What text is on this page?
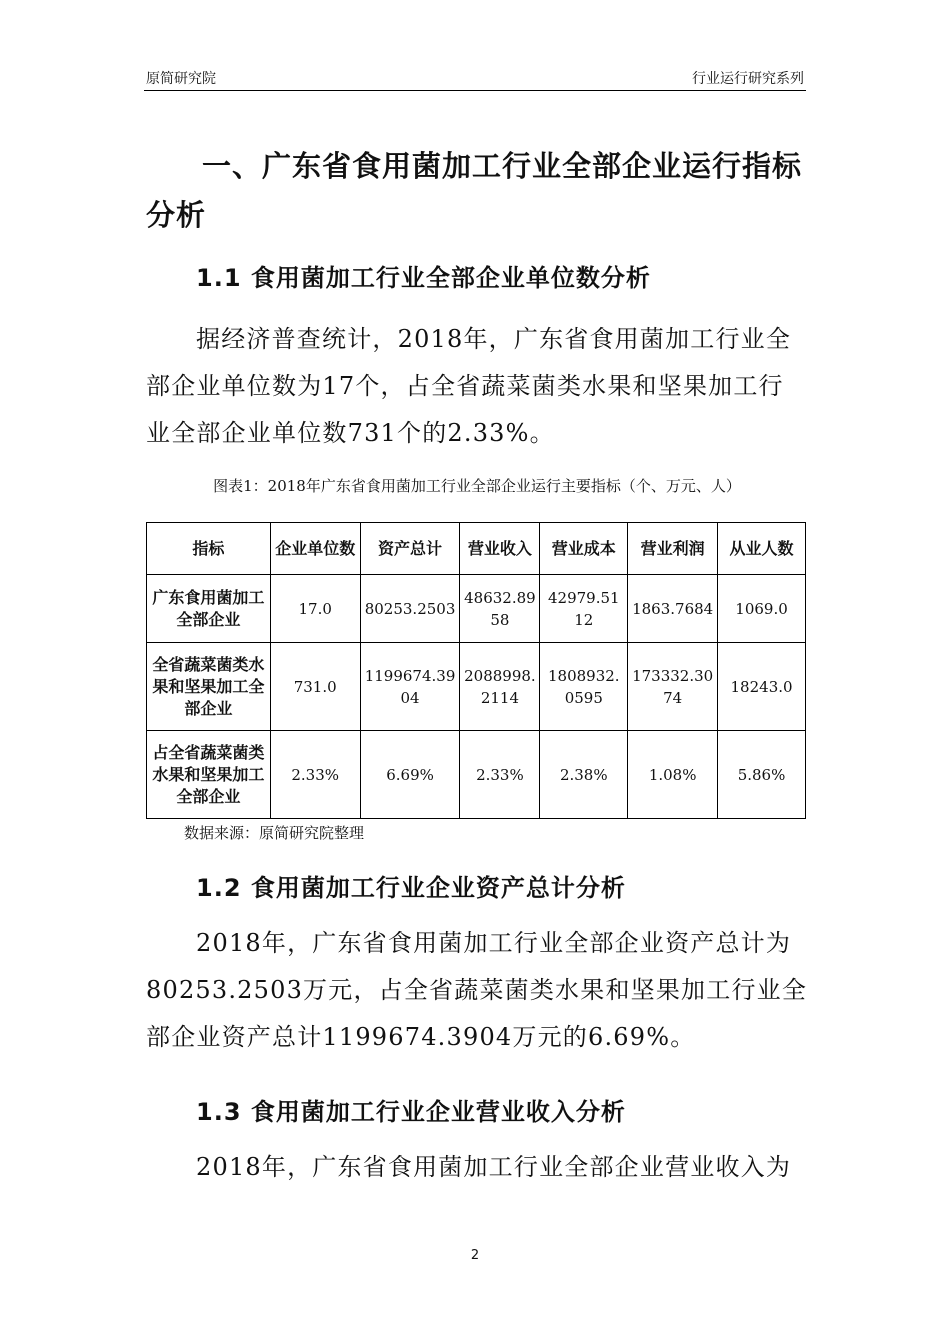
原简研究院	行业运行研究系列
一、广东省食用菌加工行业全部企业运行指标分析
1.1 食用菌加工行业全部企业单位数分析
据经济普查统计，2018年，广东省食用菌加工行业全部企业单位数为17个，占全省蔬菜菌类水果和坚果加工行业全部企业单位数731个的2.33%。
图表1：2018年广东省食用菌加工行业全部企业运行主要指标（个、万元、人）
指标	企业单位数	资产总计	营业收入	营业成本	营业利润	从业人数
广东食用菌加工全部企业	17.0	80253.2503	48632.8958	42979.5112	1863.7684	1069.0
全省蔬菜菌类水果和坚果加工全部企业	731.0	1199674.3904	2088998.2114	1808932.0595	173332.3074	18243.0
占全省蔬菜菌类水果和坚果加工全部企业	2.33%	6.69%	2.33%	2.38%	1.08%	5.86%
数据来源：原简研究院整理
1.2 食用菌加工行业企业资产总计分析
2018年，广东省食用菌加工行业全部企业资产总计为80253.2503万元，占全省蔬菜菌类水果和坚果加工行业全部企业资产总计1199674.3904万元的6.69%。
1.3 食用菌加工行业企业营业收入分析
2018年，广东省食用菌加工行业全部企业营业收入为
2
